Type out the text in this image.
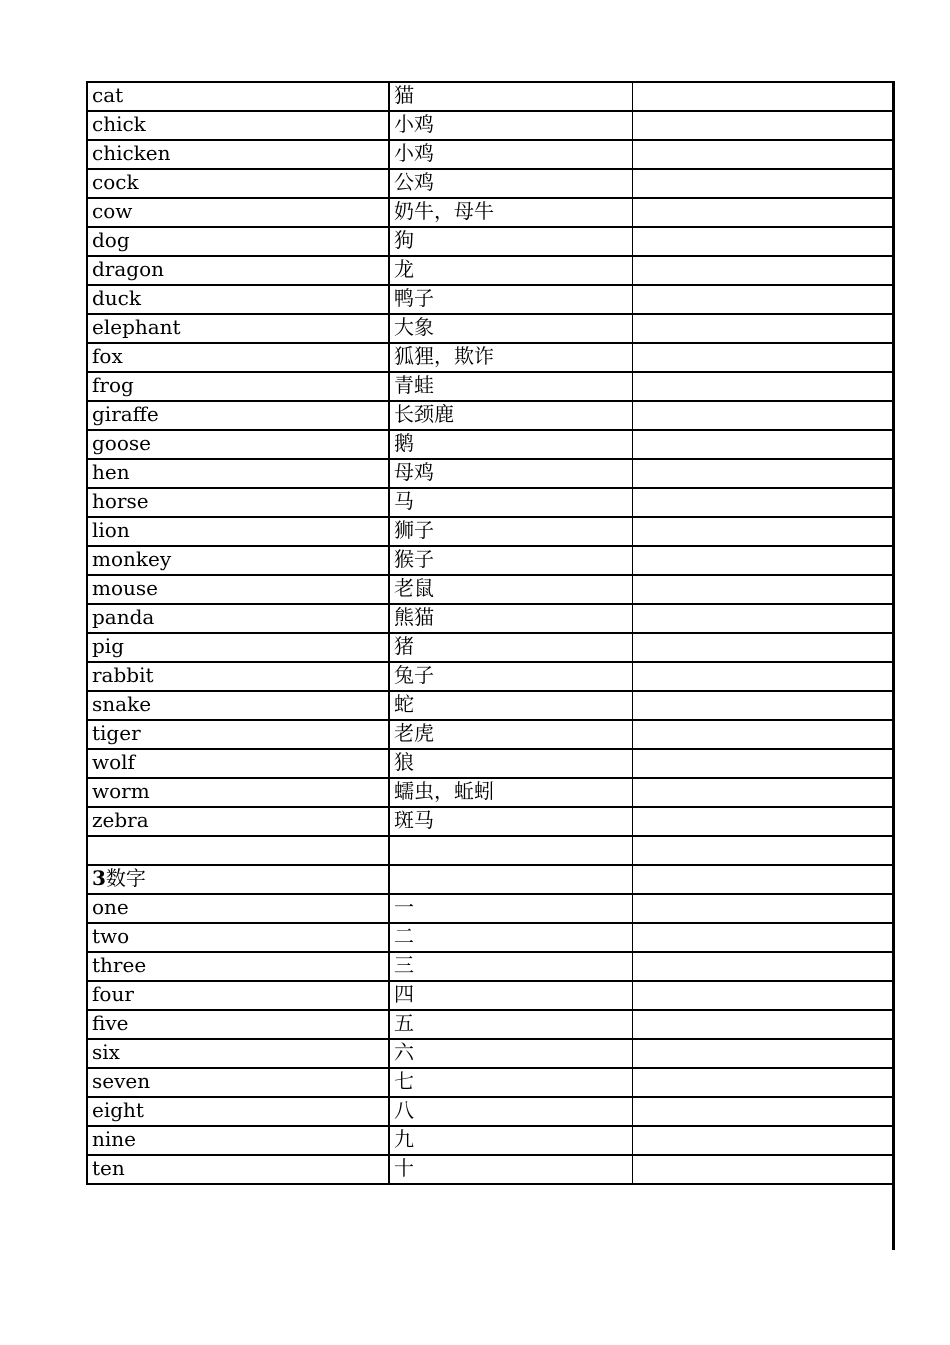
cat	猫	
chick	小鸡	
chicken	小鸡	
cock	公鸡	
cow	奶牛，母牛	
dog	狗	
dragon	龙	
duck	鸭子	
elephant	大象	
fox	狐狸，欺诈	
frog	青蛙	
giraffe	长颈鹿	
goose	鹅	
hen	母鸡	
horse	马	
lion	狮子	
monkey	猴子	
mouse	老鼠	
panda	熊猫	
pig	猪	
rabbit	兔子	
snake	蛇	
tiger	老虎	
wolf	狼	
worm	蠕虫，蚯蚓	
zebra	斑马	

3数字		
one	一	
two	二	
three	三	
four	四	
five	五	
six	六	
seven	七	
eight	八	
nine	九	
ten	十	
